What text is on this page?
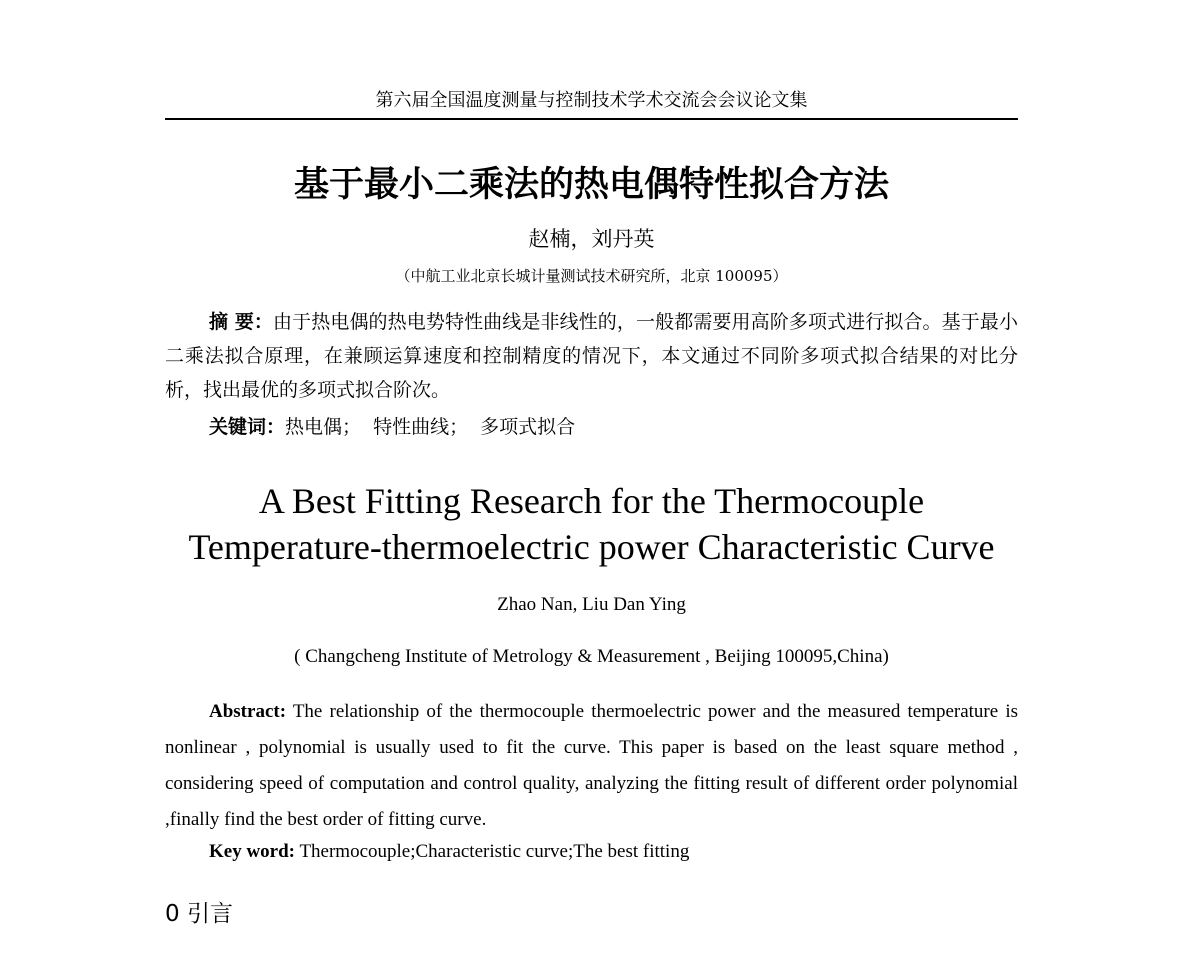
第六届全国温度测量与控制技术学术交流会会议论文集
基于最小二乘法的热电偶特性拟合方法
赵楠，刘丹英
（中航工业北京长城计量测试技术研究所，北京 100095）
摘 要：由于热电偶的热电势特性曲线是非线性的，一般都需要用高阶多项式进行拟合。基于最小二乘法拟合原理，在兼顾运算速度和控制精度的情况下，本文通过不同阶多项式拟合结果的对比分析，找出最优的多项式拟合阶次。
关键词：热电偶；  特性曲线；  多项式拟合
A Best Fitting Research for the Thermocouple
Temperature-thermoelectric power Characteristic Curve
Zhao Nan, Liu Dan Ying
( Changcheng Institute of Metrology & Measurement , Beijing 100095,China)
Abstract: The relationship of the thermocouple thermoelectric power and the measured temperature is nonlinear , polynomial is usually used to fit the curve. This paper is based on the least square method , considering speed of computation and control quality, analyzing the fitting result of different order polynomial ,finally find the best order of fitting curve.
Key word: Thermocouple;Characteristic curve;The best fitting
0 引言
